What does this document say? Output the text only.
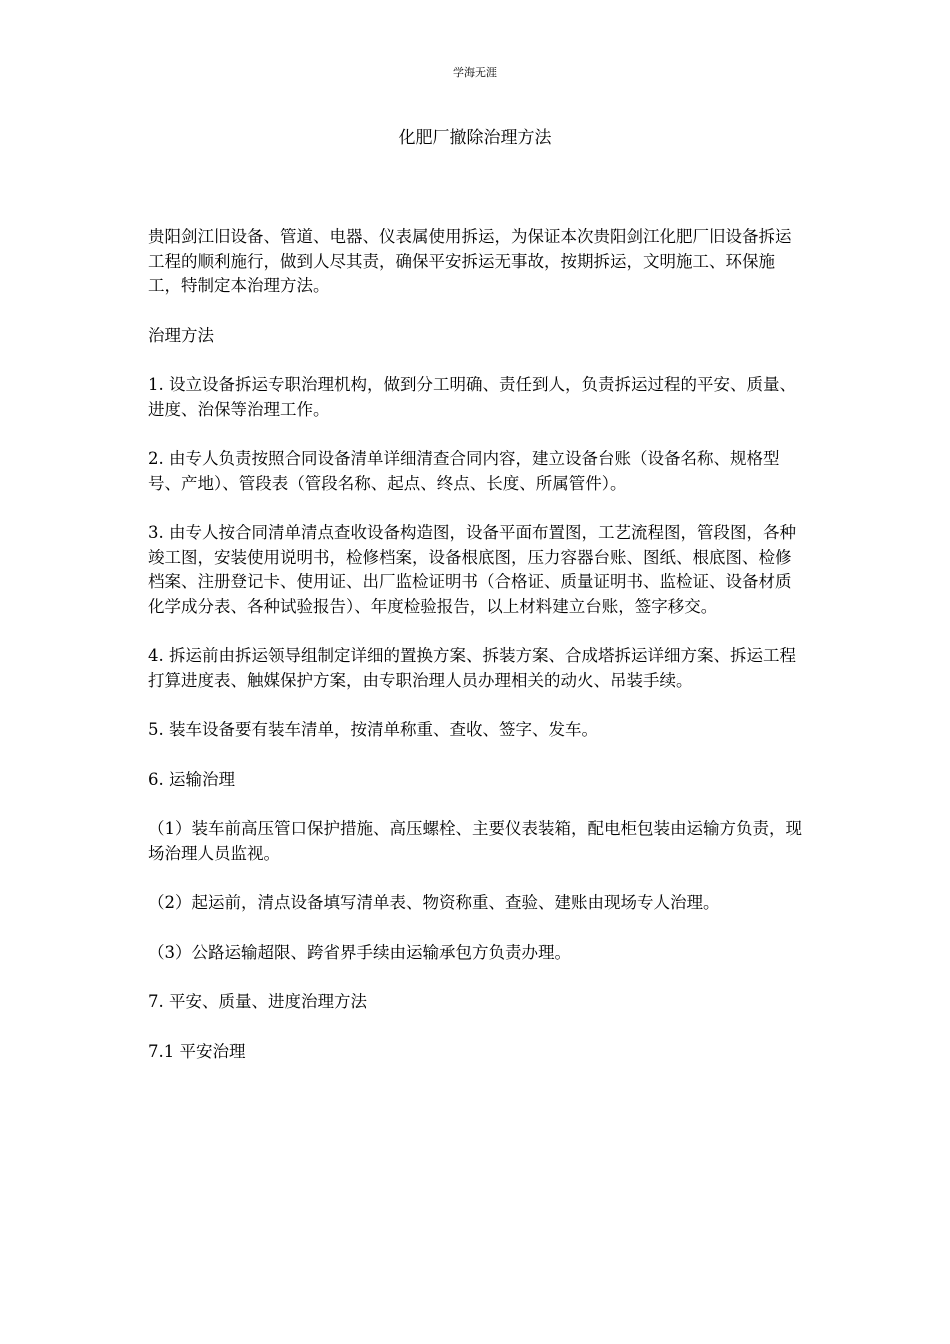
学海无涯
化肥厂撤除治理方法

贵阳剑江旧设备、管道、电器、仪表属使用拆运，为保证本次贵阳剑江化肥厂旧设备拆运工程的顺利施行，做到人尽其责，确保平安拆运无事故，按期拆运，文明施工、环保施工，特制定本治理方法。

治理方法

1. 设立设备拆运专职治理机构，做到分工明确、责任到人，负责拆运过程的平安、质量、进度、治保等治理工作。

2. 由专人负责按照合同设备清单详细清查合同内容，建立设备台账（设备名称、规格型号、产地）、管段表（管段名称、起点、终点、长度、所属管件）。

3. 由专人按合同清单清点查收设备构造图，设备平面布置图，工艺流程图，管段图，各种竣工图，安装使用说明书，检修档案，设备根底图，压力容器台账、图纸、根底图、检修档案、注册登记卡、使用证、出厂监检证明书（合格证、质量证明书、监检证、设备材质化学成分表、各种试验报告）、年度检验报告，以上材料建立台账，签字移交。

4. 拆运前由拆运领导组制定详细的置换方案、拆装方案、合成塔拆运详细方案、拆运工程打算进度表、触媒保护方案，由专职治理人员办理相关的动火、吊装手续。

5. 装车设备要有装车清单，按清单称重、查收、签字、发车。

6. 运输治理

（1）装车前高压管口保护措施、高压螺栓、主要仪表装箱，配电柜包装由运输方负责，现场治理人员监视。

（2）起运前，清点设备填写清单表、物资称重、查验、建账由现场专人治理。

（3）公路运输超限、跨省界手续由运输承包方负责办理。

7. 平安、质量、进度治理方法

7.1 平安治理
